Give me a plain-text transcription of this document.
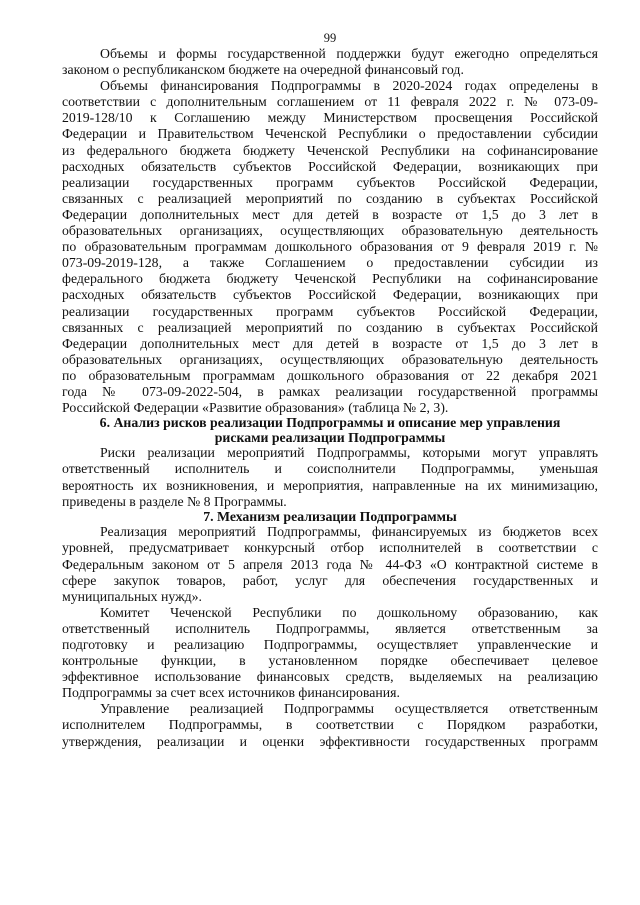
99
Объемы и формы государственной поддержки будут ежегодно определяться
законом о республиканском бюджете на очередной финансовый год.
Объемы финансирования Подпрограммы в 2020-2024 годах определены в
соответствии с дополнительным соглашением от 11 февраля 2022 г. № 073-09-
2019-128/10 к Соглашению между Министерством просвещения Российской
Федерации и Правительством Чеченской Республики о предоставлении субсидии
из федерального бюджета бюджету Чеченской Республики на софинансирование
расходных обязательств субъектов Российской Федерации, возникающих при
реализации государственных программ субъектов Российской Федерации,
связанных с реализацией мероприятий по созданию в субъектах Российской
Федерации дополнительных мест для детей в возрасте от 1,5 до 3 лет в
образовательных организациях, осуществляющих образовательную деятельность
по образовательным программам дошкольного образования от 9 февраля 2019 г. №
073-09-2019-128, а также Соглашением о предоставлении субсидии из
федерального бюджета бюджету Чеченской Республики на софинансирование
расходных обязательств субъектов Российской Федерации, возникающих при
реализации государственных программ субъектов Российской Федерации,
связанных с реализацией мероприятий по созданию в субъектах Российской
Федерации дополнительных мест для детей в возрасте от 1,5 до 3 лет в
образовательных организациях, осуществляющих образовательную деятельность
по образовательным программам дошкольного образования от 22 декабря 2021
года № 073-09-2022-504, в рамках реализации государственной программы
Российской Федерации «Развитие образования» (таблица № 2, 3).
6. Анализ рисков реализации Подпрограммы и описание мер управления
рисками реализации Подпрограммы
Риски реализации мероприятий Подпрограммы, которыми могут управлять
ответственный исполнитель и соисполнители Подпрограммы, уменьшая
вероятность их возникновения, и мероприятия, направленные на их минимизацию,
приведены в разделе № 8 Программы.
7. Механизм реализации Подпрограммы
Реализация мероприятий Подпрограммы, финансируемых из бюджетов всех
уровней, предусматривает конкурсный отбор исполнителей в соответствии с
Федеральным законом от 5 апреля 2013 года № 44-ФЗ «О контрактной системе в
сфере закупок товаров, работ, услуг для обеспечения государственных и
муниципальных нужд».
Комитет Чеченской Республики по дошкольному образованию, как
ответственный исполнитель Подпрограммы, является ответственным за
подготовку и реализацию Подпрограммы, осуществляет управленческие и
контрольные функции, в установленном порядке обеспечивает целевое
эффективное использование финансовых средств, выделяемых на реализацию
Подпрограммы за счет всех источников финансирования.
Управление реализацией Подпрограммы осуществляется ответственным
исполнителем Подпрограммы, в соответствии с Порядком разработки,
утверждения, реализации и оценки эффективности государственных программ
